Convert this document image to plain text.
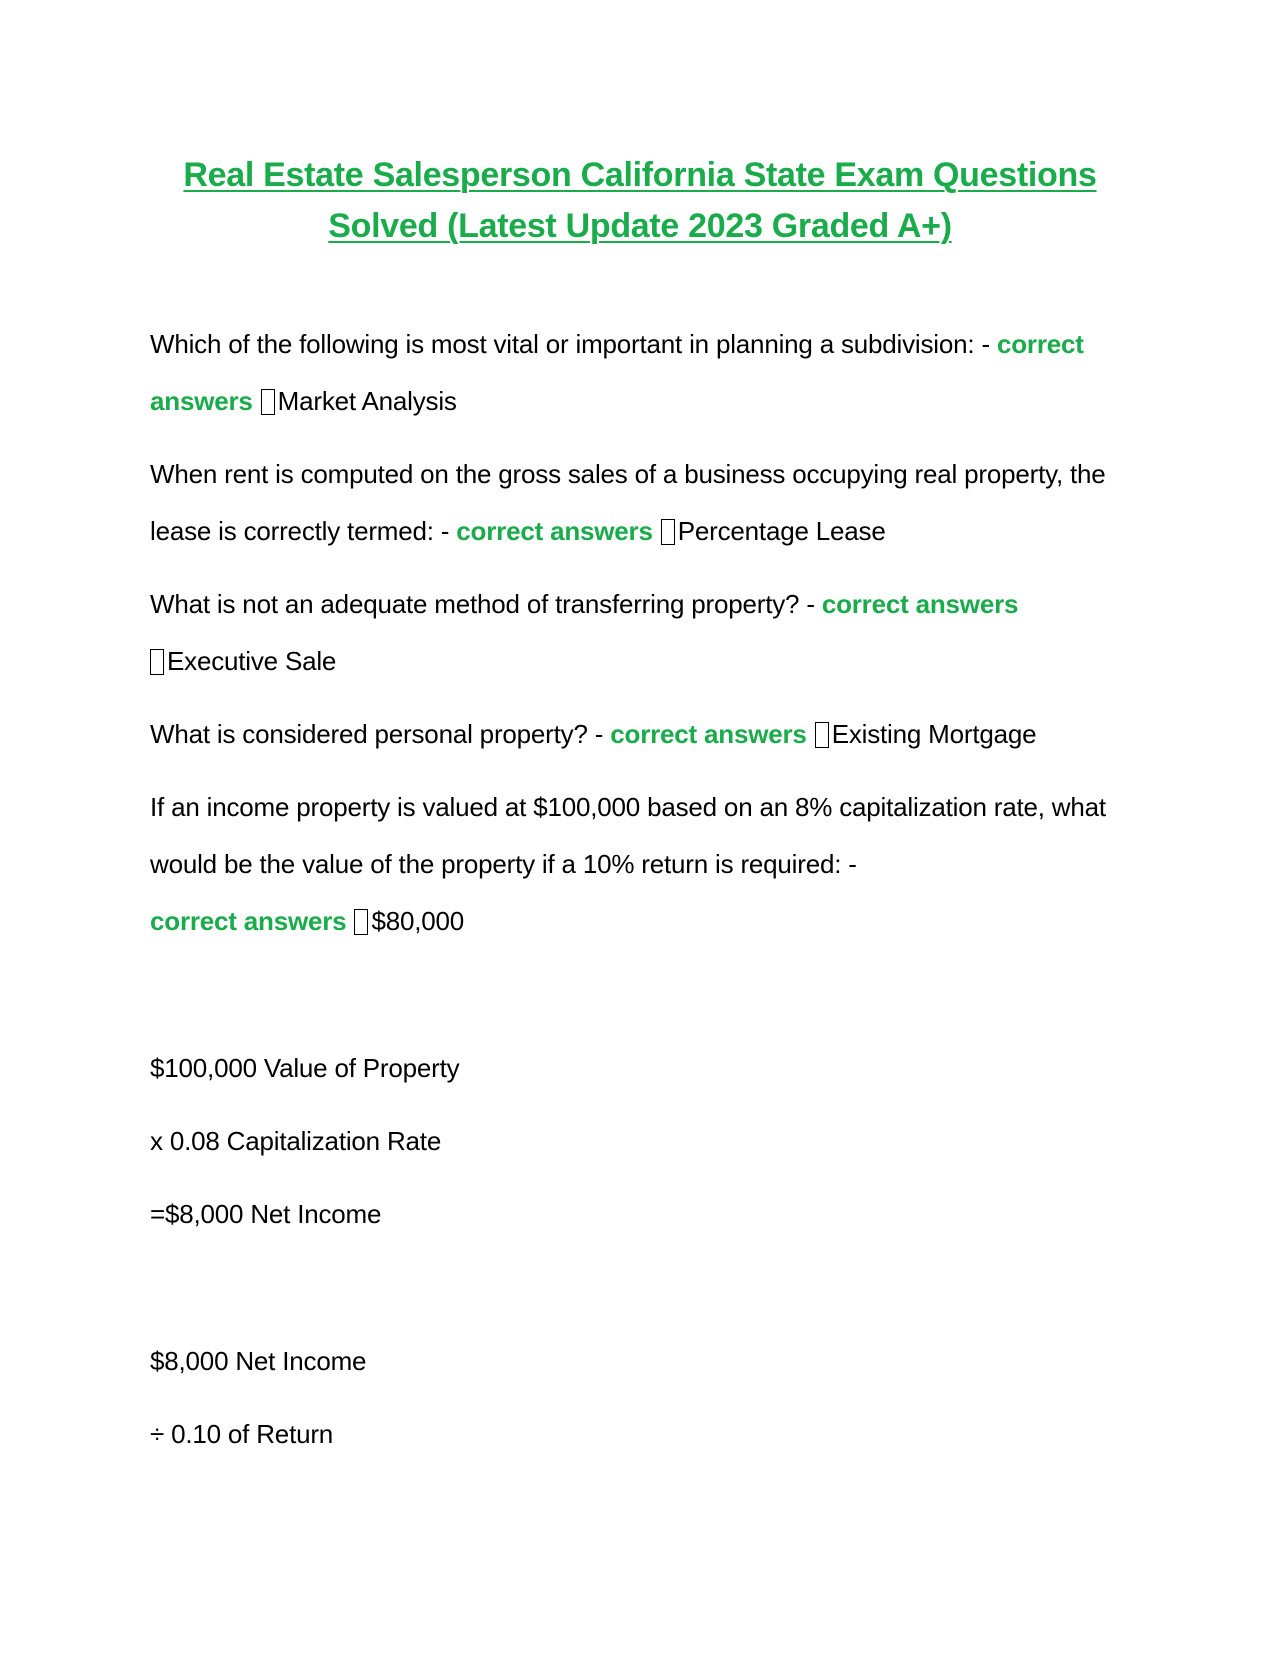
Real Estate Salesperson California State Exam Questions Solved (Latest Update 2023 Graded A+)

Which of the following is most vital or important in planning a subdivision: - correct answers Market Analysis

When rent is computed on the gross sales of a business occupying real property, the lease is correctly termed: - correct answers Percentage Lease

What is not an adequate method of transferring property? - correct answers
Executive Sale

What is considered personal property? - correct answers Existing Mortgage

If an income property is valued at $100,000 based on an 8% capitalization rate, what would be the value of the property if a 10% return is required: -
correct answers $80,000

$100,000 Value of Property

x 0.08 Capitalization Rate

=$8,000 Net Income

$8,000 Net Income

÷ 0.10 of Return
